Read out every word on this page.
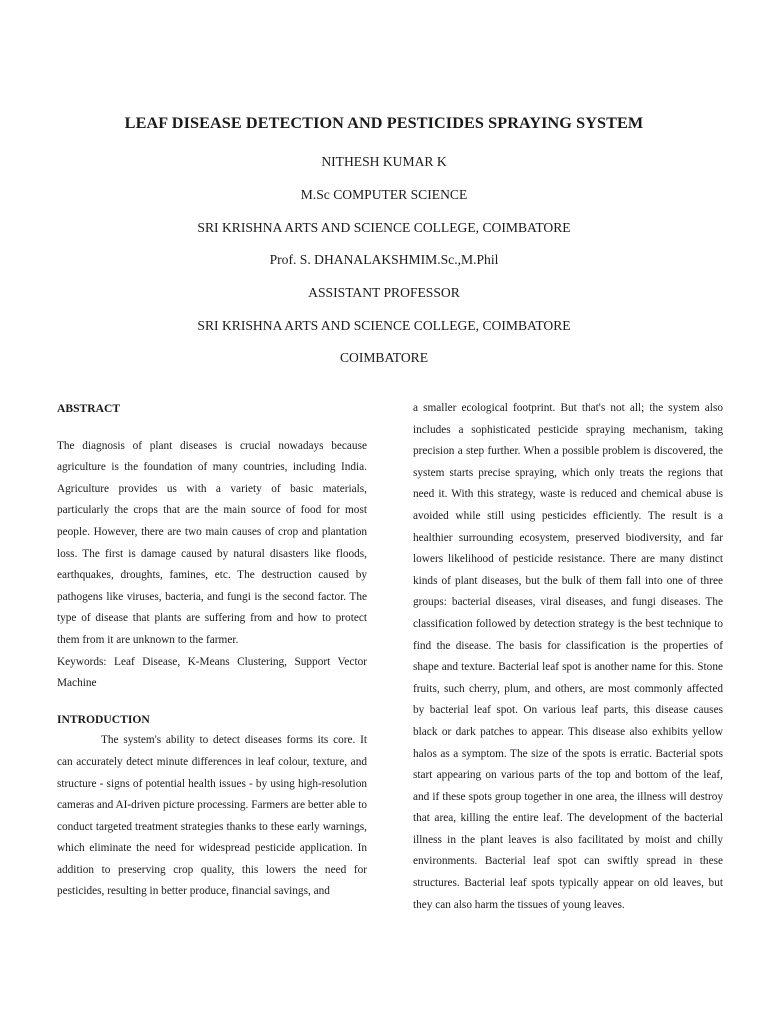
LEAF DISEASE DETECTION AND PESTICIDES SPRAYING SYSTEM
NITHESH KUMAR K
M.Sc COMPUTER SCIENCE
SRI KRISHNA ARTS AND SCIENCE COLLEGE, COIMBATORE
Prof. S. DHANALAKSHMIM.Sc.,M.Phil
ASSISTANT PROFESSOR
SRI KRISHNA ARTS AND SCIENCE COLLEGE, COIMBATORE
COIMBATORE

ABSTRACT

The diagnosis of plant diseases is crucial nowadays because agriculture is the foundation of many countries, including India. Agriculture provides us with a variety of basic materials, particularly the crops that are the main source of food for most people. However, there are two main causes of crop and plantation loss. The first is damage caused by natural disasters like floods, earthquakes, droughts, famines, etc. The destruction caused by pathogens like viruses, bacteria, and fungi is the second factor. The type of disease that plants are suffering from and how to protect them from it are unknown to the farmer.

Keywords: Leaf Disease, K-Means Clustering, Support Vector Machine

INTRODUCTION

The system's ability to detect diseases forms its core. It can accurately detect minute differences in leaf colour, texture, and structure - signs of potential health issues - by using high-resolution cameras and AI-driven picture processing. Farmers are better able to conduct targeted treatment strategies thanks to these early warnings, which eliminate the need for widespread pesticide application. In addition to preserving crop quality, this lowers the need for pesticides, resulting in better produce, financial savings, and

a smaller ecological footprint. But that's not all; the system also includes a sophisticated pesticide spraying mechanism, taking precision a step further. When a possible problem is discovered, the system starts precise spraying, which only treats the regions that need it. With this strategy, waste is reduced and chemical abuse is avoided while still using pesticides efficiently. The result is a healthier surrounding ecosystem, preserved biodiversity, and far lowers likelihood of pesticide resistance. There are many distinct kinds of plant diseases, but the bulk of them fall into one of three groups: bacterial diseases, viral diseases, and fungi diseases. The classification followed by detection strategy is the best technique to find the disease. The basis for classification is the properties of shape and texture. Bacterial leaf spot is another name for this. Stone fruits, such cherry, plum, and others, are most commonly affected by bacterial leaf spot. On various leaf parts, this disease causes black or dark patches to appear. This disease also exhibits yellow halos as a symptom. The size of the spots is erratic. Bacterial spots start appearing on various parts of the top and bottom of the leaf, and if these spots group together in one area, the illness will destroy that area, killing the entire leaf. The development of the bacterial illness in the plant leaves is also facilitated by moist and chilly environments. Bacterial leaf spot can swiftly spread in these structures. Bacterial leaf spots typically appear on old leaves, but they can also harm the tissues of young leaves.
